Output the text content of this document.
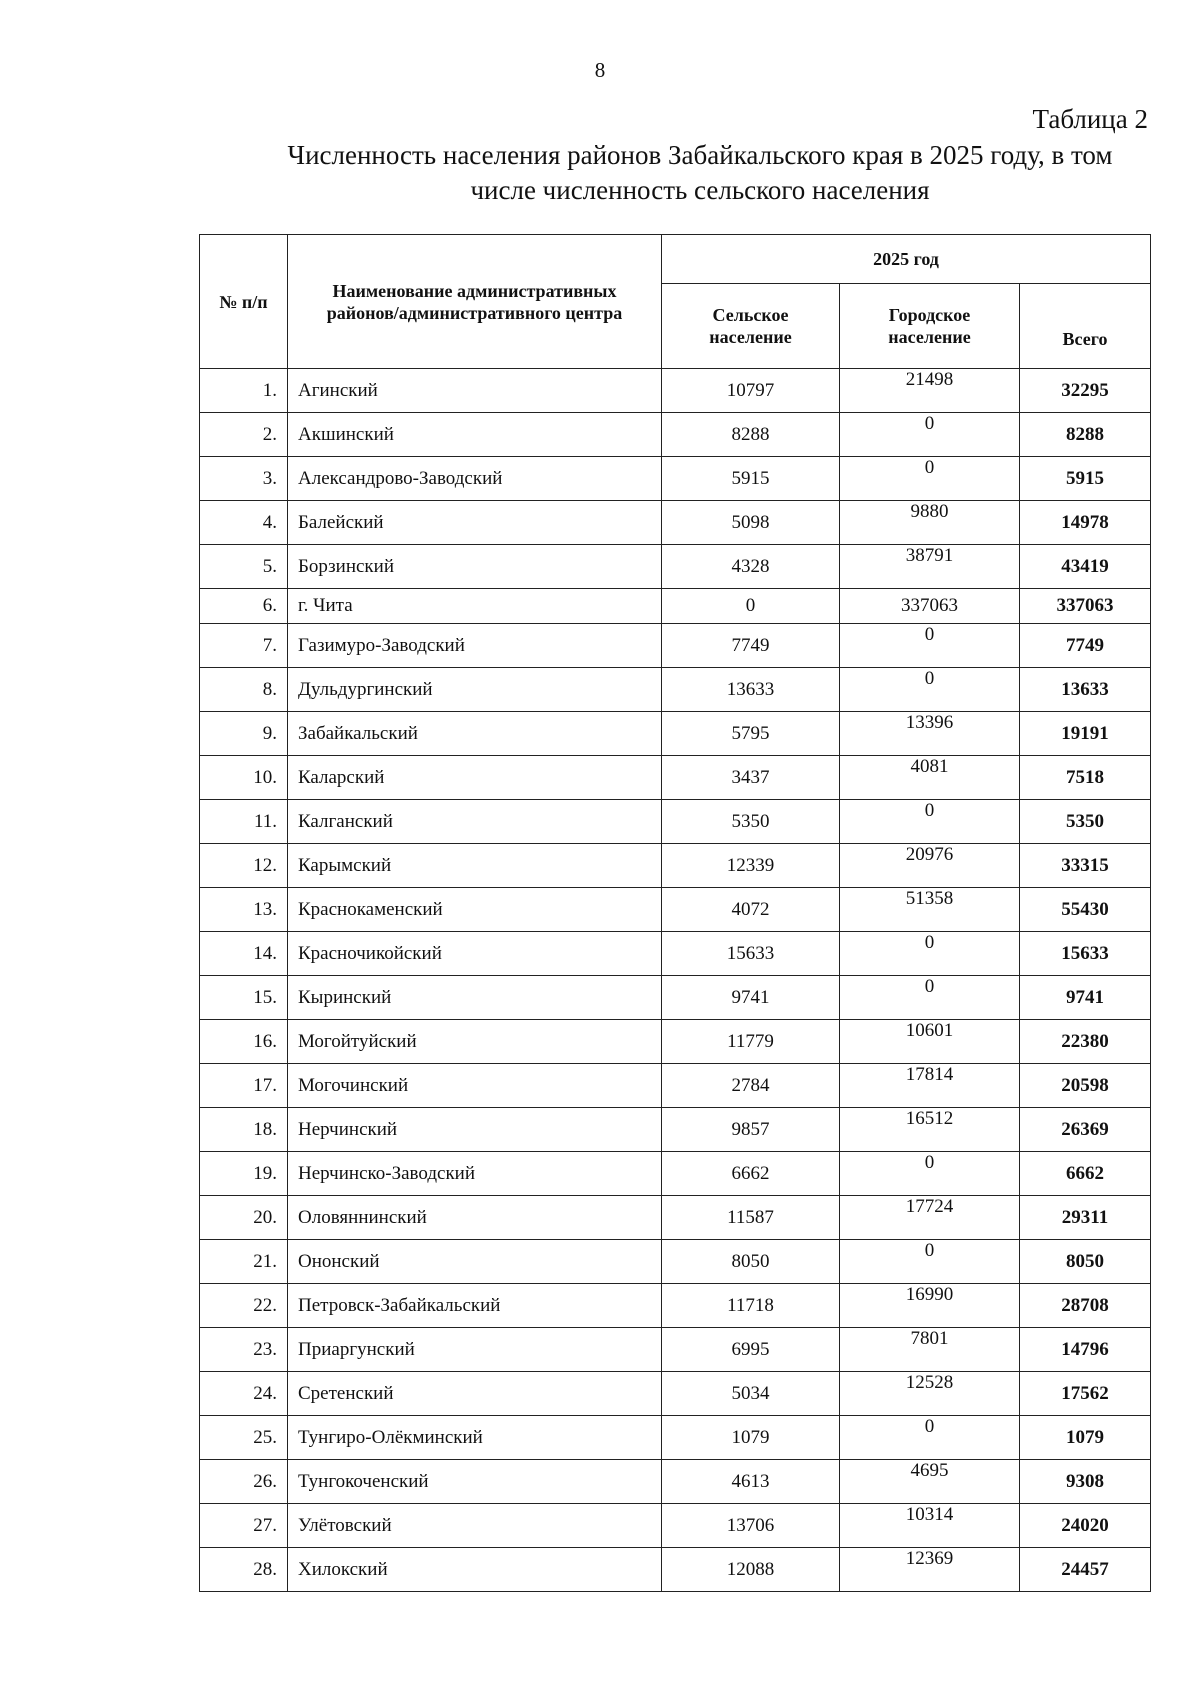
8
Таблица 2
Численность населения районов Забайкальского края в 2025 году, в том
числе численность сельского населения
№ п/п	Наименование административных районов/административного центра	2025 год		
		Сельское население	Городское население	Всего
1.	Агинский	10797	21498	32295
2.	Акшинский	8288	0	8288
3.	Александрово-Заводский	5915	0	5915
4.	Балейский	5098	9880	14978
5.	Борзинский	4328	38791	43419
6.	г. Чита	0	337063	337063
7.	Газимуро-Заводский	7749	0	7749
8.	Дульдургинский	13633	0	13633
9.	Забайкальский	5795	13396	19191
10.	Каларский	3437	4081	7518
11.	Калганский	5350	0	5350
12.	Карымский	12339	20976	33315
13.	Краснокаменский	4072	51358	55430
14.	Красночикойский	15633	0	15633
15.	Кыринский	9741	0	9741
16.	Могойтуйский	11779	10601	22380
17.	Могочинский	2784	17814	20598
18.	Нерчинский	9857	16512	26369
19.	Нерчинско-Заводский	6662	0	6662
20.	Оловяннинский	11587	17724	29311
21.	Ононский	8050	0	8050
22.	Петровск-Забайкальский	11718	16990	28708
23.	Приаргунский	6995	7801	14796
24.	Сретенский	5034	12528	17562
25.	Тунгиро-Олёкминский	1079	0	1079
26.	Тунгокоченский	4613	4695	9308
27.	Улётовский	13706	10314	24020
28.	Хилокский	12088	12369	24457
